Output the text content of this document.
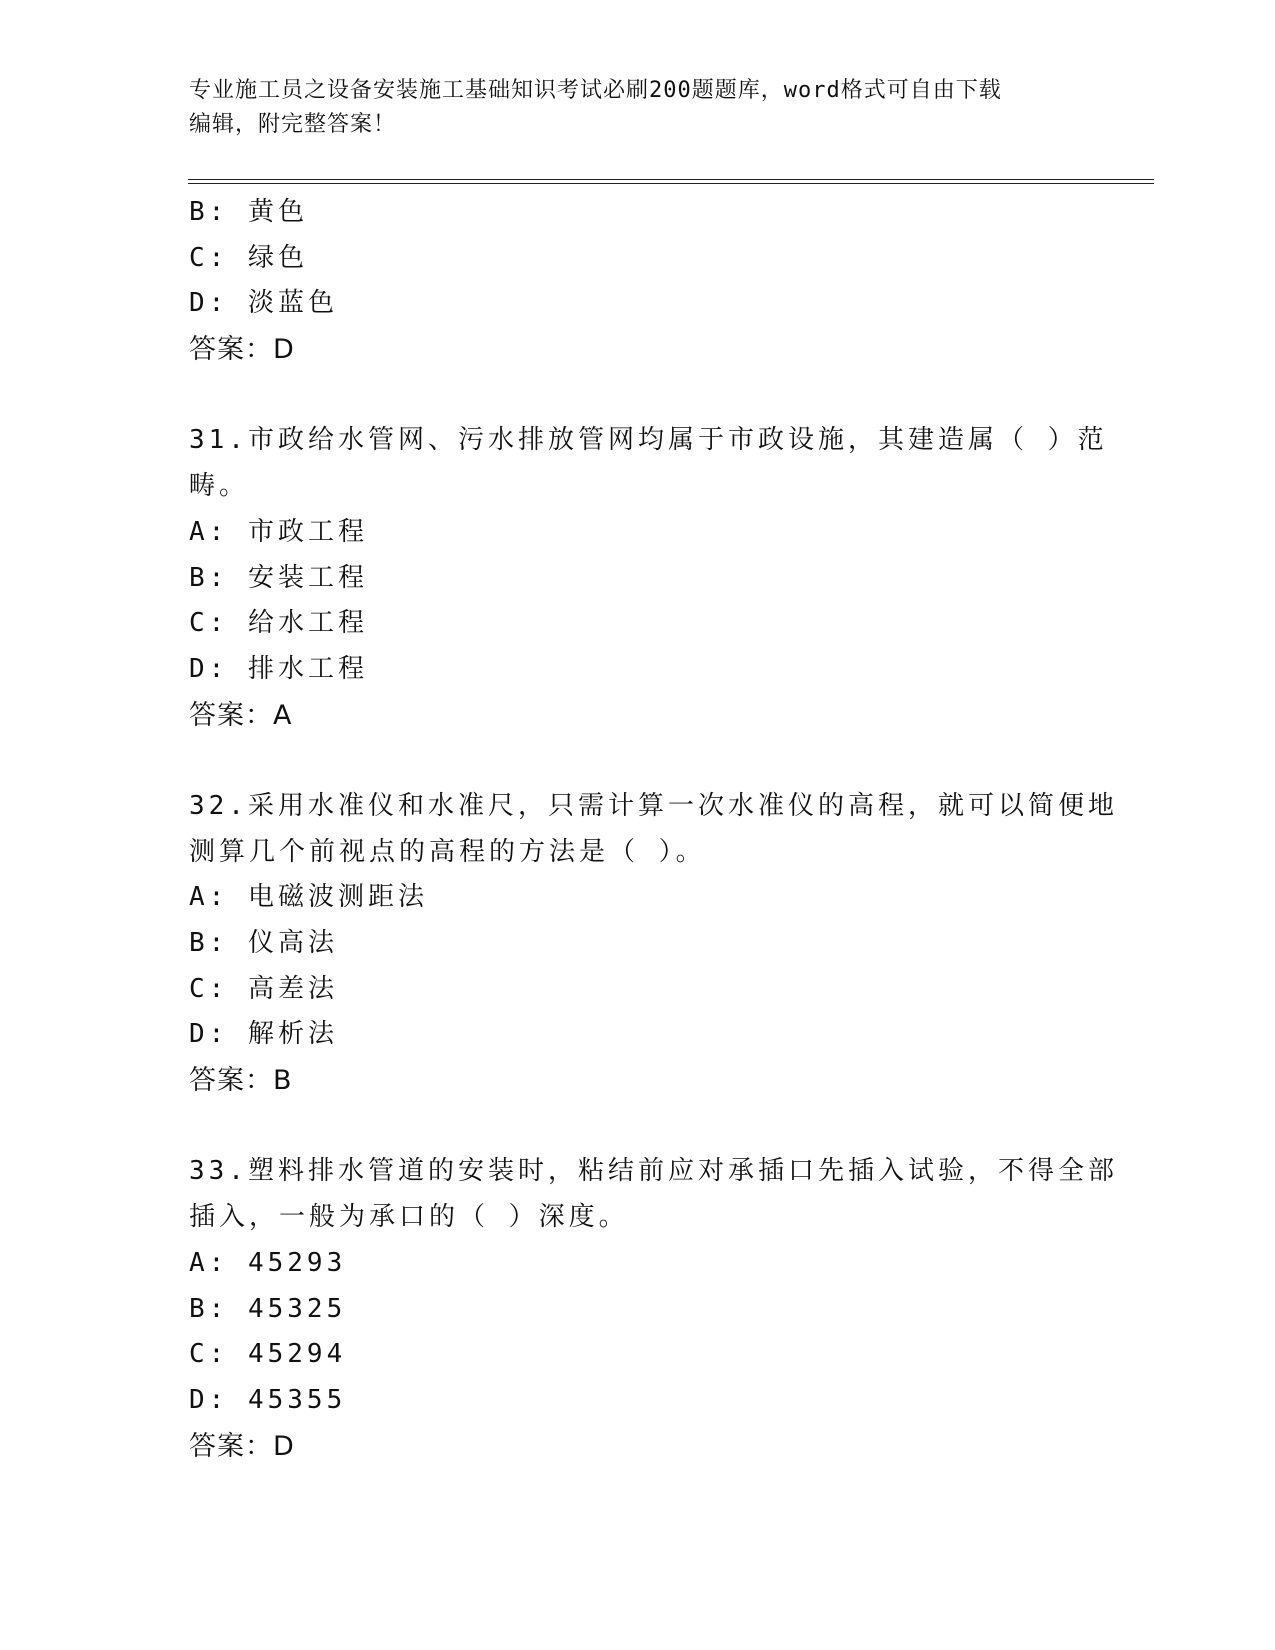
专业施工员之设备安装施工基础知识考试必刷200题题库，word格式可自由下载
编辑，附完整答案！
B: 黄色
C: 绿色
D: 淡蓝色
答案：D
31.市政给水管网、污水排放管网均属于市政设施，其建造属（ ）范
畴。
A: 市政工程
B: 安装工程
C: 给水工程
D: 排水工程
答案：A
32.采用水准仪和水准尺，只需计算一次水准仪的高程，就可以简便地
测算几个前视点的高程的方法是（ ）。
A: 电磁波测距法
B: 仪高法
C: 高差法
D: 解析法
答案：B
33.塑料排水管道的安装时，粘结前应对承插口先插入试验，不得全部
插入，一般为承口的（ ）深度。
A: 45293
B: 45325
C: 45294
D: 45355
答案：D
